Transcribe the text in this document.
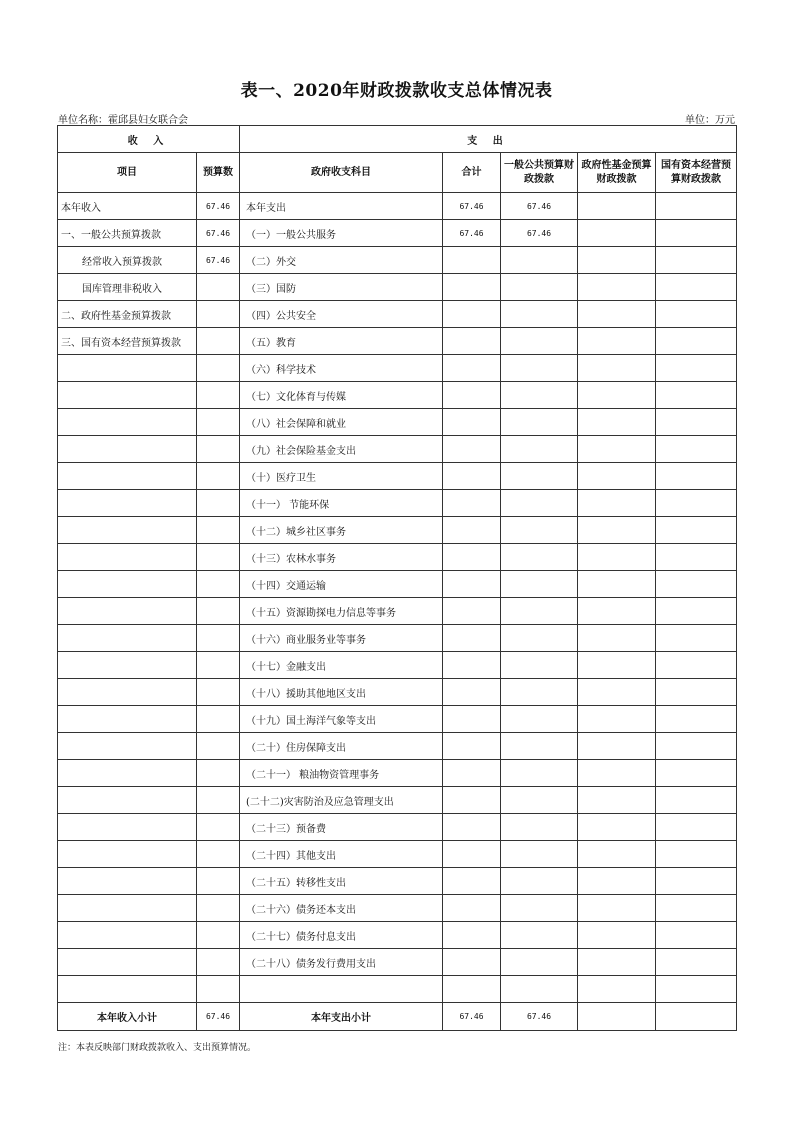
表一、2020年财政拨款收支总体情况表
单位名称：霍邱县妇女联合会	单位：万元
收 入		支 出				
项目	预算数	政府收支科目	合计	一般公共预算财政拨款	政府性基金预算财政拨款	国有资本经营预算财政拨款
本年收入	67.46	本年支出	67.46	67.46		
一、一般公共预算拨款	67.46	（一）一般公共服务	67.46	67.46		
经常收入预算拨款	67.46	（二）外交				
国库管理非税收入		（三）国防				
二、政府性基金预算拨款		（四）公共安全				
三、国有资本经营预算拨款		（五）教育				
		（六）科学技术				
		（七）文化体育与传媒				
		（八）社会保障和就业				
		（九）社会保险基金支出				
		（十）医疗卫生				
		（十一） 节能环保				
		（十二）城乡社区事务				
		（十三）农林水事务				
		（十四）交通运输				
		（十五）资源勘探电力信息等事务				
		（十六）商业服务业等事务				
		（十七）金融支出				
		（十八）援助其他地区支出				
		（十九）国土海洋气象等支出				
		（二十）住房保障支出				
		（二十一） 粮油物资管理事务				
		(二十二)灾害防治及应急管理支出				
		（二十三）预备费				
		（二十四）其他支出				
		（二十五）转移性支出				
		（二十六）债务还本支出				
		（二十七）债务付息支出				
		（二十八）债务发行费用支出				

本年收入小计	67.46	本年支出小计	67.46	67.46		
注：本表反映部门财政拨款收入、支出预算情况。
